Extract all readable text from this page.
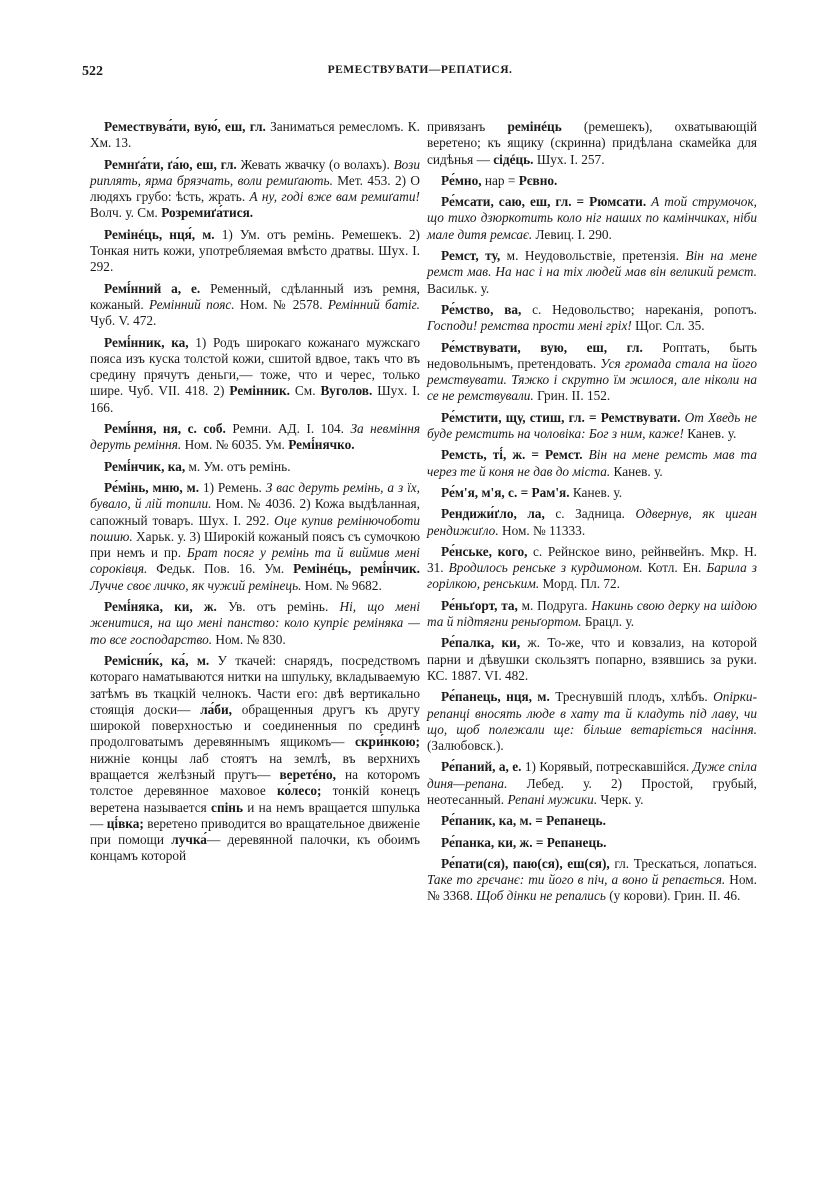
522	РЕМЕСТВУВАТИ—РЕПАТИСЯ.

Ремествува́ти, вую́, еш, гл. Заниматься ремесломъ. К. Хм. 13.

Ремнґа́ти, ґа́ю, еш, гл. Жевать жвачку (о волахъ). Вози риплять, ярма брязчать, воли ремиґають. Мет. 453. 2) О людяхъ грубо: ѣсть, жрать. А ну, годі вже вам ремиґати! Волч. у. См. Розремиґа́тися.

Ремінéць, нця́, м. 1) Ум. отъ ремінь. Ремешекъ. 2) Тонкая нить кожи, употребляемая вмѣсто дратвы. Шух. І. 292.

Ремі́нний а, е. Ременный, сдѣланный изъ ремня, кожаный. Ремінний пояс. Ном. № 2578. Ремінний батіг. Чуб. V. 472.

Ремі́нник, ка, 1) Родъ широкаго кожанаго мужскаго пояса изъ куска толстой кожи, сшитой вдвое, такъ что въ средину прячутъ деньги,— тоже, что и черес, только шире. Чуб. VII. 418. 2) Ремінник. См. Вуголов. Шух. І. 166.

Ремі́ння, ня, с. соб. Ремни. АД. І. 104. За невміння деруть реміння. Ном. № 6035. Ум. Ремі́нячко.

Ремі́нчик, ка, м. Ум. отъ ремінь.

Ре́мінь, мню, м. 1) Ремень. З вас деруть ремінь, а з їх, бувало, й лій топили. Ном. № 4036. 2) Кожа выдѣланная, сапожный товаръ. Шух. І. 292. Оце купив ремінючоботи пошию. Харьк. у. 3) Широкій кожаный поясъ съ сумочкою при немъ и пр. Брат посяг у ремінь та й виймив мені сороківця. Федьк. Пов. 16. Ум. Ремінéць, ремі́нчик. Лучче своє личко, як чужий ремінець. Ном. № 9682.

Ремі́няка, ки, ж. Ув. отъ ремінь. Ні, що мені женитися, на що мені панство: коло купріє реміняка — то все господарство. Ном. № 830.

Ремісни́к, ка́, м. У ткачей: снарядъ, посредствомъ котораго наматываются нитки на шпульку, вкладываемую затѣмъ въ ткацкій челнокъ. Части его: двѣ вертикально стоящія доски— ла́би, обращенныя другъ къ другу широкой поверхностью и соединенныя по срединѣ продолговатымъ деревяннымъ ящикомъ— скри́нкою; нижніе концы лаб стоятъ на землѣ, въ верхнихъ вращается желѣзный прутъ— веретéно, на которомъ толстое деревянное маховое ко́лесо; тонкій конецъ веретена называется спінь и на немъ вращается шпулька— ці́вка; веретено приводится во вращательное движеніе при помощи лучка́— деревянной палочки, къ обоимъ концамъ которой

привязанъ ремінéць (ремешекъ), охватывающій веретено; къ ящику (скринна) придѣлана скамейка для сидѣнья — сідéць. Шух. І. 257.

Ре́мно, нар = Рєвно.

Ре́мсати, саю, еш, гл. = Рюмсати. А той струмочок, що тихо дзюркотить коло ніг наших по камінчиках, ніби мале дитя ремсає. Левиц. І. 290.

Ремст, ту, м. Неудовольствіе, претензія. Він на мене ремст мав. На нас і на тіх людей мав він великий ремст. Васильк. у.

Ре́мство, ва, с. Недовольство; нареканія, ропотъ. Господи! ремства прости мені гріх! Щог. Сл. 35.

Ре́мствувати, вую, еш, гл. Роптать, быть недовольнымъ, претендовать. Уся громада стала на його ремствувати. Тяжко і скрутно їм жилося, але ніколи на се не ремствували. Грин. ІІ. 152.

Ре́мстити, щу, стиш, гл. = Ремствувати. От Хведь не буде ремстить на чоловіка: Бог з ним, каже! Канев. у.

Ремсть, ті́, ж. = Ремст. Він на мене ремсть мав та через те й коня не дав до міста. Канев. у.

Ре́м'я, м'я, с. = Рам'я. Канев. у.

Рендижи́ґло, ла, с. Задница. Одвернув, як циган рендижиґло. Ном. № 11333.

Ре́нське, кого, с. Рейнское вино, рейнвейнъ. Мкр. Н. 31. Вродилось ренське з курдимоном. Котл. Ен. Барила з горілкою, ренським. Морд. Пл. 72.

Ре́ньґорт, та, м. Подруга. Накинь свою дерку на шідою та й підтягни реньґортом. Брацл. у.

Ре́палка, ки, ж. То-же, что и ковзализ, на которой парни и дѣвушки скользятъ попарно, взявшись за руки. КС. 1887. VI. 482.

Ре́панець, нця, м. Треснувшій плодъ, хлѣбъ. Опірки-репанці вносять люде в хату та й кладуть під лаву, чи що, щоб полежали ще: більше ветаріється насіння. (Залюбовск.).

Ре́паний, а, е. 1) Корявый, потрескавшійся. Дуже спіла диня—репана. Лебед. у. 2) Простой, грубый, неотесанный. Репані мужики. Черк. у.

Ре́паник, ка, м. = Репанець.

Ре́панка, ки, ж. = Репанець.

Ре́пати(ся), паю(ся), еш(ся), гл. Трескаться, лопаться. Таке то грєчанє: ти його в піч, а воно й репається. Ном. № 3368. Щоб дінки не репались (у корови). Грин. ІІ. 46.
